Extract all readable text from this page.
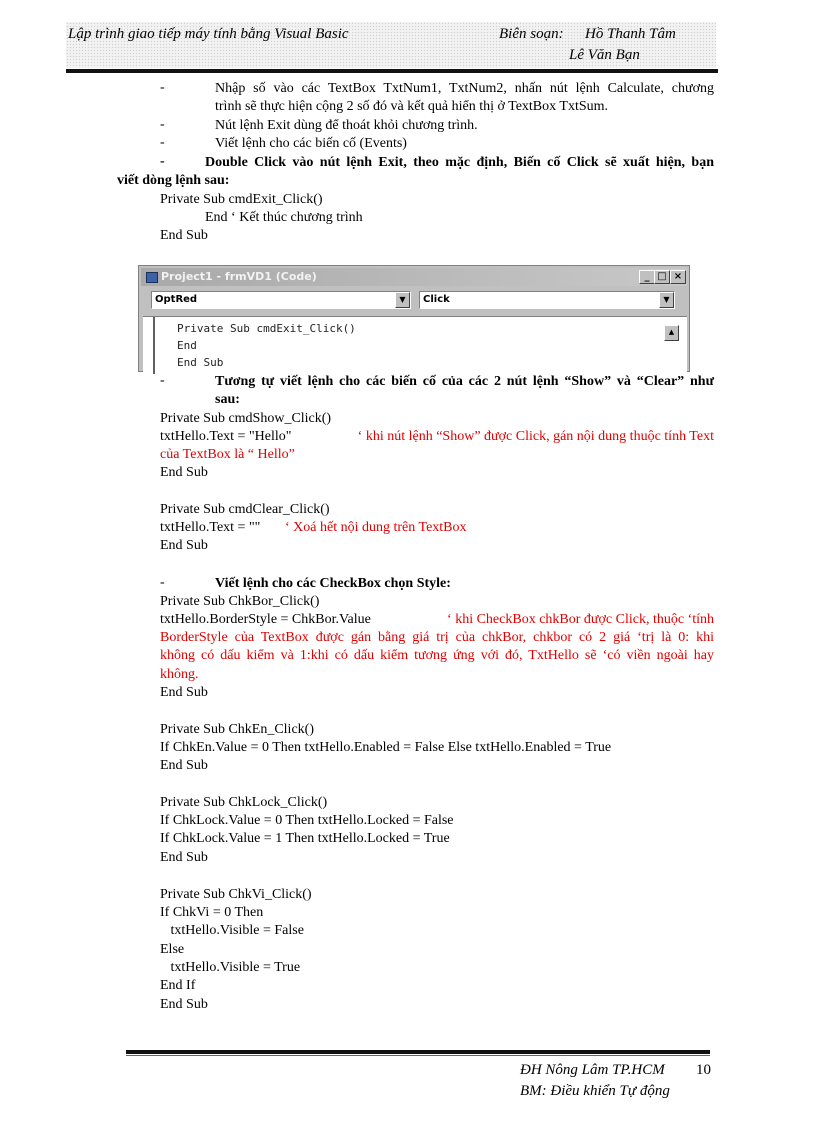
Lập trình giao tiếp máy tính bằng Visual Basic	Biên soạn: Hồ Thanh Tâm
Lê Văn Bạn
-	Nhập số vào các TextBox TxtNum1, TxtNum2, nhấn nút lệnh Calculate, chương
trình sẽ thực hiện cộng 2 số đó và kết quả hiển thị ở TextBox TxtSum.
-	Nút lệnh Exit dùng để thoát khỏi chương trình.
-	Viết lệnh cho các biến cố (Events)
-	Double Click vào nút lệnh Exit, theo mặc định, Biến cố Click sẽ xuất hiện, bạn
viết dòng lệnh sau:
Private Sub cmdExit_Click()
End ‘ Kết thúc chương trình
End Sub
Project1 - frmVD1 (Code)	_ □ ×
OptRed	▼	Click	▼
Private Sub cmdExit_Click()
End
End Sub
▲
-	Tương tự viết lệnh cho các biến cố của các 2 nút lệnh “Show” và “Clear” như
sau:
Private Sub cmdShow_Click()
txtHello.Text = "Hello"	‘ khi nút lệnh “Show” được Click, gán nội dung thuộc tính Text
của TextBox là “ Hello”
End Sub
Private Sub cmdClear_Click()
txtHello.Text = "" ‘ Xoá hết nội dung trên TextBox
End Sub
-	Viết lệnh cho các CheckBox chọn Style:
Private Sub ChkBor_Click()
txtHello.BorderStyle = ChkBor.Value	‘ khi CheckBox chkBor được Click, thuộc ‘tính
BorderStyle của TextBox được gán bằng giá trị của chkBor, chkbor có 2 giá ‘trị là 0: khi
không có dấu kiểm và 1:khi có dấu kiểm tương ứng với đó, TxtHello sẽ ‘có viền ngoài hay
không.
End Sub
Private Sub ChkEn_Click()
If ChkEn.Value = 0 Then txtHello.Enabled = False Else txtHello.Enabled = True
End Sub
Private Sub ChkLock_Click()
If ChkLock.Value = 0 Then txtHello.Locked = False
If ChkLock.Value = 1 Then txtHello.Locked = True
End Sub
Private Sub ChkVi_Click()
If ChkVi = 0 Then
txtHello.Visible = False
Else
txtHello.Visible = True
End If
End Sub
ĐH Nông Lâm TP.HCM 10
BM: Điều khiển Tự động
